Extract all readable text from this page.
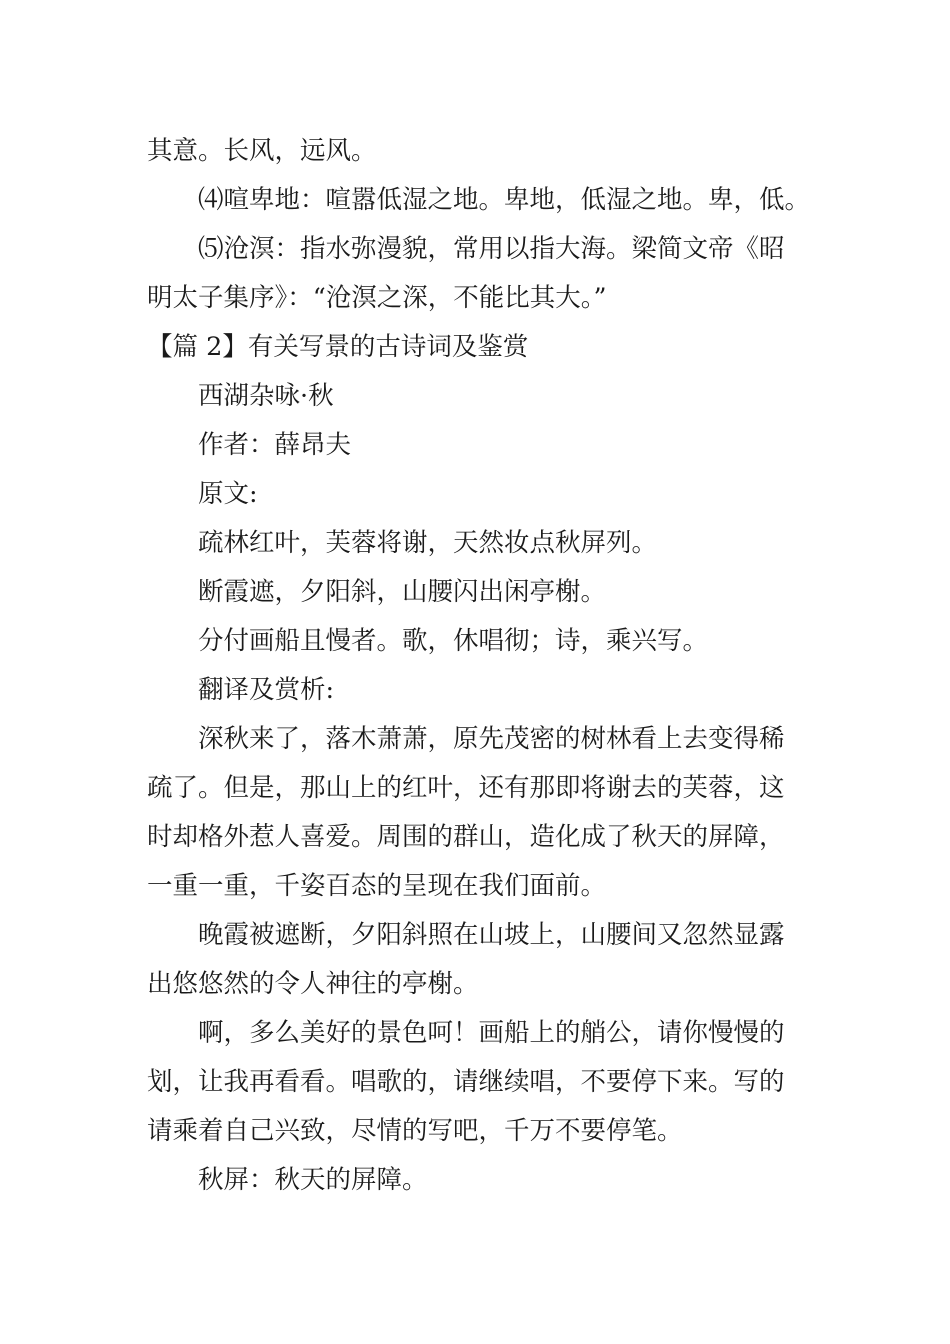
其意。长风，远风。

⑷喧卑地：喧嚣低湿之地。卑地，低湿之地。卑，低。

⑸沧溟：指水弥漫貌，常用以指大海。梁简文帝《昭

明太子集序》：“沧溟之深，不能比其大。”

【篇 2】有关写景的古诗词及鉴赏

西湖杂咏·秋

作者：薛昂夫

原文:

疏林红叶，芙蓉将谢，天然妆点秋屏列。

断霞遮，夕阳斜，山腰闪出闲亭榭。

分付画船且慢者。歌，休唱彻；诗，乘兴写。

翻译及赏析:

深秋来了，落木萧萧，原先茂密的树林看上去变得稀

疏了。但是，那山上的红叶，还有那即将谢去的芙蓉，这

时却格外惹人喜爱。周围的群山，造化成了秋天的屏障，

一重一重，千姿百态的呈现在我们面前。

晚霞被遮断，夕阳斜照在山坡上，山腰间又忽然显露

出悠悠然的令人神往的亭榭。

啊，多么美好的景色呵！画船上的艄公，请你慢慢的

划，让我再看看。唱歌的，请继续唱，不要停下来。写的

请乘着自己兴致，尽情的写吧，千万不要停笔。

秋屏：秋天的屏障。
